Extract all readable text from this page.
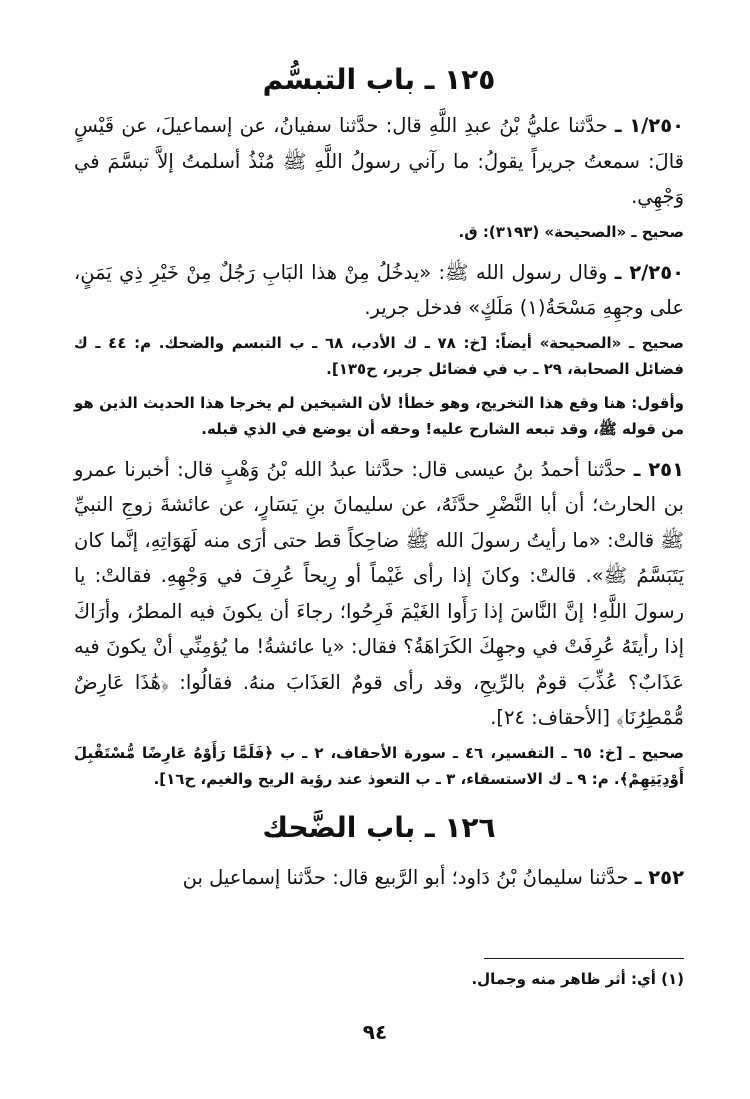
١٢٥ ـ باب التبسُّم

١/٢٥٠ ـ حدَّثنا عليُّ بْنُ عبدِ اللَّهِ قال: حدَّثنا سفيانُ، عن إسماعيلَ، عن قَيْسٍ قالَ: سمعتُ جريراً يقولُ: ما رآني رسولُ اللَّهِ ﷺ مُنْذُ أسلمتُ إلاَّ تبسَّمَ في وَجْهِي.

صحيح ـ «الصحيحة» (٣١٩٣): ق.

٢/٢٥٠ ـ وقال رسول الله ﷺ: «يدخُلُ مِنْ هذا البَابِ رَجُلٌ مِنْ خَيْرِ ذِي يَمَنٍ، على وجهِهِ مَسْحَةُ(١) مَلَكٍ» فدخل جرير.

صحيح ـ «الصحيحة» أيضاً: [خ: ٧٨ ـ ك الأدب، ٦٨ ـ ب التبسم والضحك. م: ٤٤ ـ ك فضائل الصحابة، ٢٩ ـ ب في فضائل جرير، ح١٣٥].

وأقول: هنا وقع هذا التخريج، وهو خطأ! لأن الشيخين لم يخرجا هذا الحديث الذين هو من قوله ﷺ، وقد تبعه الشارح عليه! وحقه أن يوضع في الذي قبله.

٢٥١ ـ حدَّثنا أحمدُ بنُ عيسى قال: حدَّثنا عبدُ الله بْنُ وَهْبٍ قال: أخبرنا عمرو بن الحارث؛ أن أبا النَّضْرِ حدَّثَهُ، عن سليمانَ بنِ يَسَارٍ، عن عائشةَ زوجِ النبيِّ ﷺ قالتْ: «ما رأيتُ رسولَ الله ﷺ ضاحِكاً قط حتى أرَى منه لَهَوَاتِهِ، إنَّما كان يَتَبَسَّمُ ﷺ». قالتْ: وكانَ إذا رأى غَيْماً أو رِيحاً عُرِفَ في وَجْهِهِ. فقالتْ: يا رسولَ اللَّهِ! إنَّ النَّاسَ إذا رَأَوا الغَيْمَ فَرِحُوا؛ رجاءَ أن يكونَ فيه المطرُ، وأرَاكَ إذا رأيتَهُ عُرِفَتْ في وجهِكَ الكَرَاهَةُ؟ فقال: «يا عائشةُ! ما يُؤمِنِّي أنْ يكونَ فيه عَذَابٌ؟ عُذِّبَ قومٌ بالرِّيحِ، وقد رأى قومٌ العَذَابَ منهُ. فقالُوا: ﴿هَٰذَا عَارِضٌ مُّمْطِرُنَا﴾ [الأحقاف: ٢٤].

صحيح ـ [خ: ٦٥ ـ التفسير، ٤٦ ـ سورة الأحقاف، ٢ ـ ب ﴿فَلَمَّا رَأَوْهُ عَارِضًا مُّسْتَقْبِلَ أَوْدِيَتِهِمْ﴾. م: ٩ ـ ك الاستسقاء، ٣ ـ ب التعوذ عند رؤية الريح والغيم، ح١٦].

١٢٦ ـ باب الضَّحك

٢٥٢ ـ حدَّثنا سليمانُ بْنُ دَاود؛ أبو الرَّبيع قال: حدَّثنا إسماعيل بن

(١) أي: أثر ظاهر منه وجمال.
٩٤
